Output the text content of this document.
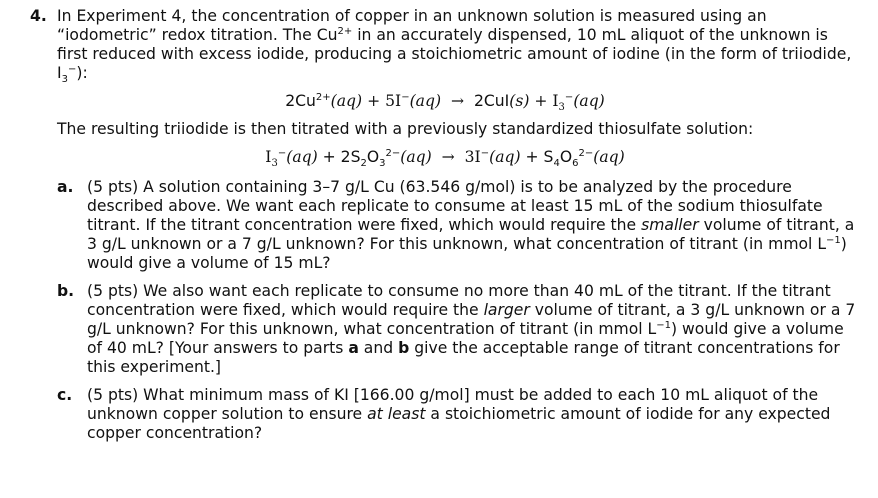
4. In Experiment 4, the concentration of copper in an unknown solution is measured using an “iodometric” redox titration. The $Cu^{2+}$ in an accurately dispensed, 10 mL aliquot of the unknown is first reduced with excess iodide, producing a stoichiometric amount of iodine (in the form of triiodide, $I_3^-$):
$2Cu^{2+}(aq) + 5I^-(aq) \to 2CuI(s) + I_3^-(aq)$

The resulting triiodide is then titrated with a previously standardized thiosulfate solution:

$I_3^-(aq) + 2S_2O_3^{2-}(aq) \to 3I^-(aq) + S_4O_6^{2-}(aq)$
a. (5 pts) A solution containing 3–7 g/L Cu (63.546 g/mol) is to be analyzed by the procedure described above. We want each replicate to consume at least 15 mL of the sodium thiosulfate titrant. If the titrant concentration were fixed, which would require the smaller volume of titrant, a 3 g/L unknown or a 7 g/L unknown? For this unknown, what concentration of titrant (in mmol $L^{-1}$) would give a volume of 15 mL?
b. (5 pts) We also want each replicate to consume no more than 40 mL of the titrant. If the titrant concentration were fixed, which would require the larger volume of titrant, a 3 g/L unknown or a 7 g/L unknown? For this unknown, what concentration of titrant (in mmol $L^{-1}$) would give a volume of 40 mL? [Your answers to parts a and b give the acceptable range of titrant concentrations for this experiment.]
c. (5 pts) What minimum mass of KI [166.00 g/mol] must be added to each 10 mL aliquot of the unknown copper solution to ensure at least a stoichiometric amount of iodide for any expected copper concentration?
